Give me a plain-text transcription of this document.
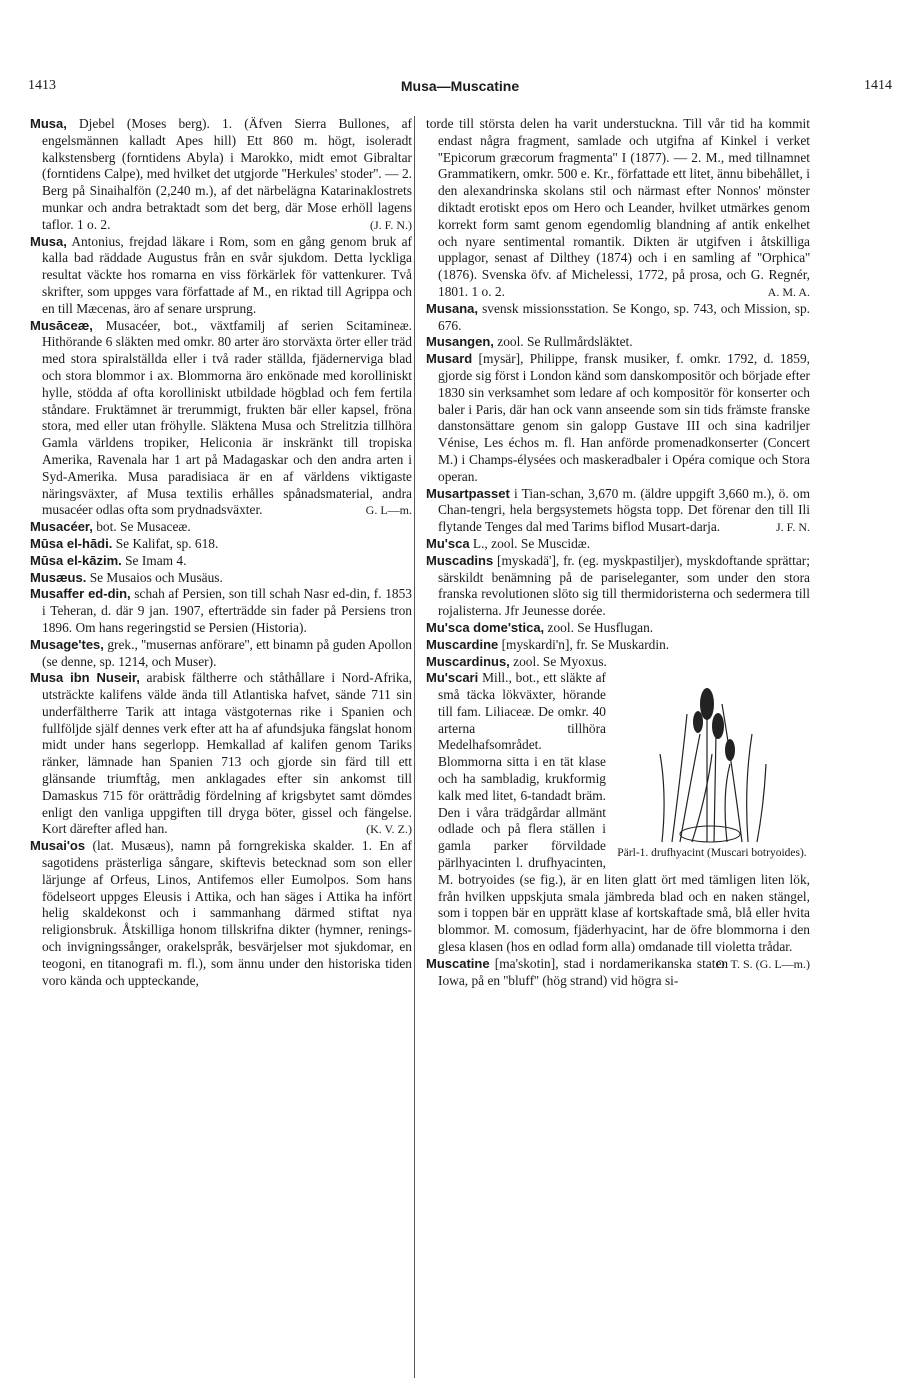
1413	Musa—Muscatine	1414

Musa, Djebel (Moses berg). 1. (Äfven Sierra Bullones, af engelsmännen kalladt Apes hill) Ett 860 m. högt, isoleradt kalkstensberg (forntidens Abyla) i Marokko, midt emot Gibraltar (forntidens Calpe), med hvilket det utgjorde ''Herkules' stoder''. — 2. Berg på Sinaihalfön (2,240 m.), af det närbelägna Katarinaklostrets munkar och andra betraktadt som det berg, där Mose erhöll lagens taflor. 1 o. 2.	(J. F. N.)

Musa, Antonius, frejdad läkare i Rom, som en gång genom bruk af kalla bad räddade Augustus från en svår sjukdom. Detta lyckliga resultat väckte hos romarna en viss förkärlek för vattenkurer. Två skrifter, som uppges vara författade af M., en riktad till Agrippa och en till Mæcenas, äro af senare ursprung.

Musāceæ, Musacéer, bot., växtfamilj af serien Scitamineæ. Hithörande 6 släkten med omkr. 80 arter äro storväxta örter eller träd med stora spiralställda eller i två rader ställda, fjädernerviga blad och stora blommor i ax. Blommorna äro enkönade med korolliniskt hylle, stödda af ofta korolliniskt utbildade högblad och fem fertila ståndare. Fruktämnet är trerummigt, frukten bär eller kapsel, fröna stora, med eller utan fröhylle. Släktena Musa och Strelitzia tillhöra Gamla världens tropiker, Heliconia är inskränkt till tropiska Amerika, Ravenala har 1 art på Madagaskar och den andra arten i Syd-Amerika. Musa paradisiaca är en af världens viktigaste näringsväxter, af Musa textilis erhålles spånadsmaterial, andra musacéer odlas ofta som prydnadsväxter.	G. L—m.

Musacéer, bot. Se Musaceæ.

Mūsa el-hādi. Se Kalifat, sp. 618.

Mūsa el-kāzim. Se Imam 4.

Musæus. Se Musaios och Musäus.

Musaffer ed-din, schah af Persien, son till schah Nasr ed-din, f. 1853 i Teheran, d. där 9 jan. 1907, efterträdde sin fader på Persiens tron 1896. Om hans regeringstid se Persien (Historia).

Musage'tes, grek., ''musernas anförare'', ett binamn på guden Apollon (se denne, sp. 1214, och Muser).

Musa ibn Nuseir, arabisk fältherre och ståthållare i Nord-Afrika, utsträckte kalifens välde ända till Atlantiska hafvet, sände 711 sin underfältherre Tarik att intaga västgoternas rike i Spanien och fullföljde själf dennes verk efter att ha af afundsjuka fängslat honom midt under hans segerlopp. Hemkallad af kalifen genom Tariks ränker, lämnade han Spanien 713 och gjorde sin färd till ett glänsande triumftåg, men anklagades efter sin ankomst till Damaskus 715 för orättrådig fördelning af krigsbytet samt dömdes enligt den vanliga uppgiften till dryga böter, gissel och fängelse. Kort därefter afled han.	(K. V. Z.)

Musai'os (lat. Musæus), namn på forngrekiska skalder. 1. En af sagotidens prästerliga sångare, skiftevis betecknad som son eller lärjunge af Orfeus, Linos, Antifemos eller Eumolpos. Som hans födelseort uppges Eleusis i Attika, och han säges i Attika ha infört helig skaldekonst och i sammanhang därmed stiftat nya religionsbruk. Åtskilliga honom tillskrifna dikter (hymner, renings- och invigningssånger, orakelspråk, besvärjelser mot sjukdomar, en teogoni, en titanografi m. fl.), som ännu under den historiska tiden voro kända och uppteckande,

torde till största delen ha varit understuckna. Till vår tid ha kommit endast några fragment, samlade och utgifna af Kinkel i verket ''Epicorum græcorum fragmenta'' I (1877). — 2. M., med tillnamnet Grammatikern, omkr. 500 e. Kr., författade ett litet, ännu bibehållet, i den alexandrinska skolans stil och närmast efter Nonnos' mönster diktadt erotiskt epos om Hero och Leander, hvilket utmärkes genom korrekt form samt genom egendomlig blandning af antik enkelhet och nyare sentimental romantik. Dikten är utgifven i åtskilliga upplagor, senast af Dilthey (1874) och i en samling af ''Orphica'' (1876). Svenska öfv. af Michelessi, 1772, på prosa, och G. Regnér, 1801. 1 o. 2.	A. M. A.

Musana, svensk missionsstation. Se Kongo, sp. 743, och Mission, sp. 676.

Musangen, zool. Se Rullmårdsläktet.

Musard [mysär], Philippe, fransk musiker, f. omkr. 1792, d. 1859, gjorde sig först i London känd som danskompositör och började efter 1830 sin verksamhet som ledare af och kompositör för konserter och baler i Paris, där han ock vann anseende som sin tids främste franske danstonsättare genom sin galopp Gustave III och sina kadriljer Vénise, Les échos m. fl. Han anförde promenadkonserter (Concert M.) i Champs-élysées och maskeradbaler i Opéra comique och Stora operan.

Musartpasset i Tian-schan, 3,670 m. (äldre uppgift 3,660 m.), ö. om Chan-tengri, hela bergsystemets högsta topp. Det förenar den till Ili flytande Tenges dal med Tarims biflod Musart-darja.	J. F. N.

Mu'sca L., zool. Se Muscidæ.

Muscadins [myskadä'], fr. (eg. myskpastiljer), myskdoftande sprättar; särskildt benämning på de pariseleganter, som under den stora franska revolutionen slöto sig till thermidoristerna och sedermera till rojalisterna. Jfr Jeunesse dorée.

Mu'sca dome'stica, zool. Se Husflugan.

Muscardine [myskardi'n], fr. Se Muskardin.

Muscardinus, zool. Se Myoxus.

Pärl-1. drufhyacint (Muscari botryoides).
Mu'scari Mill., bot., ett släkte af små täcka lökväxter, hörande till fam. Liliaceæ. De omkr. 40 arterna tillhöra Medelhafsområdet. Blommorna sitta i en tät klase och ha sambladig, krukformig kalk med litet, 6-tandadt bräm. Den i våra trädgårdar allmänt odlade och på flera ställen i gamla parker förvildade pärlhyacinten l. drufhyacinten, M. botryoides (se fig.), är en liten glatt ört med tämligen liten lök, från hvilken uppskjuta smala jämbreda blad och en naken stängel, som i toppen bär en upprätt klase af kortskaftade små, blå eller hvita blommor. M. comosum, fjäderhyacint, har de öfre blommorna i den glesa klasen (hos en odlad form alla) omdanade till violetta trådar.
O. T. S. (G. L—m.)

Muscatine [ma'skotin], stad i nordamerikanska staten Iowa, på en ''bluff'' (hög strand) vid högra si-
